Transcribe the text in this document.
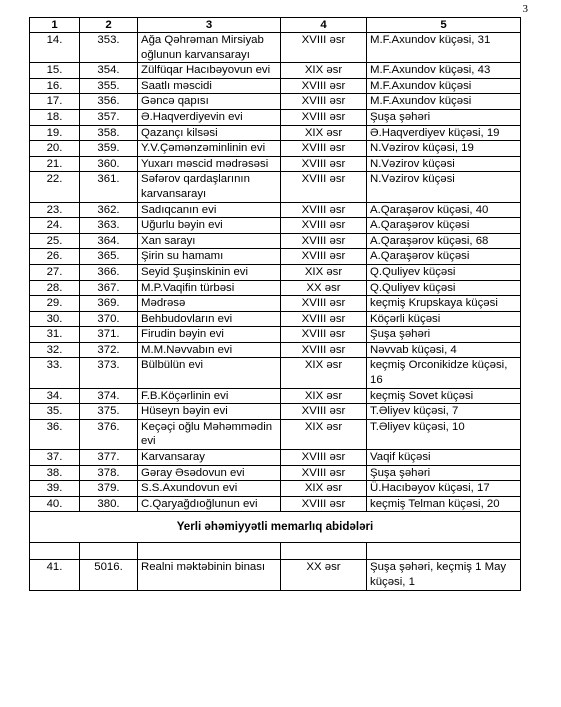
3
1	2	3	4	5
14.	353.	Ağa Qəhrəman Mirsiyab oğlunun karvansarayı	XVIII əsr	M.F.Axundov küçəsi, 31
15.	354.	Zülfüqar Hacıbəyovun evi	XIX əsr	M.F.Axundov küçəsi, 43
16.	355.	Saatlı məscidi	XVIII əsr	M.F.Axundov küçəsi
17.	356.	Gəncə qapısı	XVIII əsr	M.F.Axundov küçəsi
18.	357.	Ə.Haqverdiyevin evi	XVIII əsr	Şuşa şəhəri
19.	358.	Qazançı kilsəsi	XIX əsr	Ə.Haqverdiyev küçəsi, 19
20.	359.	Y.V.Çəmənzəminlinin evi	XVIII əsr	N.Vəzirov küçəsi, 19
21.	360.	Yuxarı məscid mədrəsəsi	XVIII əsr	N.Vəzirov küçəsi
22.	361.	Səfərov qardaşlarının karvansarayı	XVIII əsr	N.Vəzirov küçəsi
23.	362.	Sadıqcanın evi	XVIII əsr	A.Qaraşərov küçəsi, 40
24.	363.	Uğurlu bəyin evi	XVIII əsr	A.Qaraşərov küçəsi
25.	364.	Xan sarayı	XVIII əsr	A.Qaraşərov küçəsi, 68
26.	365.	Şirin su hamamı	XVIII əsr	A.Qaraşərov küçəsi
27.	366.	Seyid Şuşinskinin evi	XIX əsr	Q.Quliyev küçəsi
28.	367.	M.P.Vaqifin türbəsi	XX əsr	Q.Quliyev küçəsi
29.	369.	Mədrəsə	XVIII əsr	keçmiş Krupskaya küçəsi
30.	370.	Behbudovların evi	XVIII əsr	Köçərli küçəsi
31.	371.	Firudin bəyin evi	XVIII əsr	Şuşa şəhəri
32.	372.	M.M.Nəvvabın evi	XVIII əsr	Nəvvab küçəsi, 4
33.	373.	Bülbülün evi	XIX əsr	keçmiş Orconikidze küçəsi, 16
34.	374.	F.B.Köçərlinin evi	XIX əsr	keçmiş Sovet küçəsi
35.	375.	Hüseyn bəyin evi	XVIII əsr	T.Əliyev küçəsi, 7
36.	376.	Keçəçi oğlu Məhəmmədin evi	XIX əsr	T.Əliyev küçəsi, 10
37.	377.	Karvansaray	XVIII əsr	Vaqif küçəsi
38.	378.	Gəray Əsədovun evi	XVIII əsr	Şuşa şəhəri
39.	379.	S.S.Axundovun evi	XIX əsr	Ü.Hacıbəyov küçəsi, 17
40.	380.	C.Qaryağdıoğlunun evi	XVIII əsr	keçmiş Telman küçəsi, 20
Yerli əhəmiyyətli memarlıq abidələri				

41.	5016.	Realni məktəbinin binası	XX əsr	Şuşa şəhəri, keçmiş 1 May küçəsi, 1
